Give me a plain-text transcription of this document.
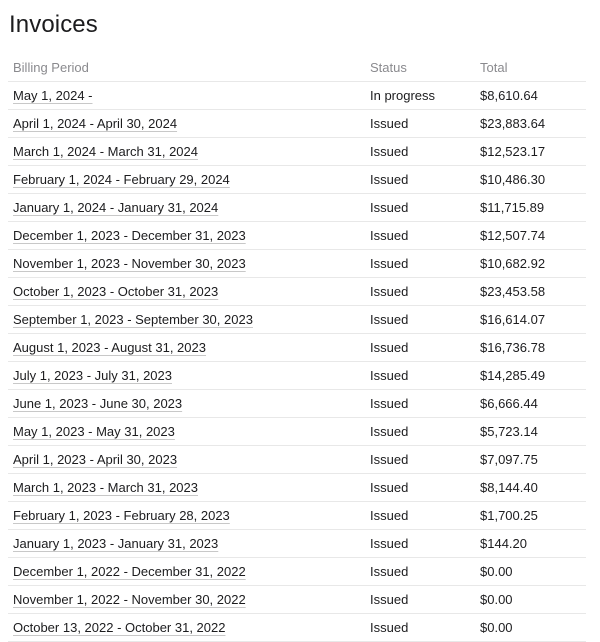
Invoices
Billing Period	Status	Total
May 1, 2024 -	In progress	$8,610.64
April 1, 2024 - April 30, 2024	Issued	$23,883.64
March 1, 2024 - March 31, 2024	Issued	$12,523.17
February 1, 2024 - February 29, 2024	Issued	$10,486.30
January 1, 2024 - January 31, 2024	Issued	$11,715.89
December 1, 2023 - December 31, 2023	Issued	$12,507.74
November 1, 2023 - November 30, 2023	Issued	$10,682.92
October 1, 2023 - October 31, 2023	Issued	$23,453.58
September 1, 2023 - September 30, 2023	Issued	$16,614.07
August 1, 2023 - August 31, 2023	Issued	$16,736.78
July 1, 2023 - July 31, 2023	Issued	$14,285.49
June 1, 2023 - June 30, 2023	Issued	$6,666.44
May 1, 2023 - May 31, 2023	Issued	$5,723.14
April 1, 2023 - April 30, 2023	Issued	$7,097.75
March 1, 2023 - March 31, 2023	Issued	$8,144.40
February 1, 2023 - February 28, 2023	Issued	$1,700.25
January 1, 2023 - January 31, 2023	Issued	$144.20
December 1, 2022 - December 31, 2022	Issued	$0.00
November 1, 2022 - November 30, 2022	Issued	$0.00
October 13, 2022 - October 31, 2022	Issued	$0.00
